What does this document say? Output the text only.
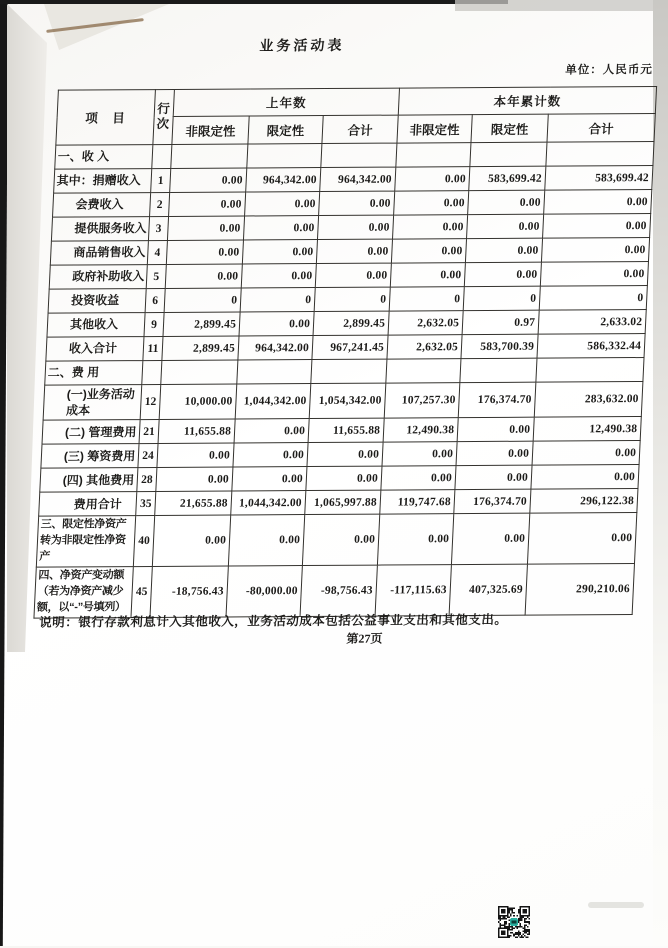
业务活动表
单位：人民币元
项　目	行次	上年数			本年累计数		
		非限定性	限定性	合计	非限定性	限定性	合计
一、收 入							
其中：捐赠收入	1	0.00	964,342.00	964,342.00	0.00	583,699.42	583,699.42
会费收入	2	0.00	0.00	0.00	0.00	0.00	0.00
提供服务收入	3	0.00	0.00	0.00	0.00	0.00	0.00
商品销售收入	4	0.00	0.00	0.00	0.00	0.00	0.00
政府补助收入	5	0.00	0.00	0.00	0.00	0.00	0.00
投资收益	6	0	0	0	0	0	0
其他收入	9	2,899.45	0.00	2,899.45	2,632.05	0.97	2,633.02
收入合计	11	2,899.45	964,342.00	967,241.45	2,632.05	583,700.39	586,332.44
二、费 用							
(一)业务活动成本	12	10,000.00	1,044,342.00	1,054,342.00	107,257.30	176,374.70	283,632.00
(二) 管理费用	21	11,655.88	0.00	11,655.88	12,490.38	0.00	12,490.38
(三) 筹资费用	24	0.00	0.00	0.00	0.00	0.00	0.00
(四) 其他费用	28	0.00	0.00	0.00	0.00	0.00	0.00
费用合计	35	21,655.88	1,044,342.00	1,065,997.88	119,747.68	176,374.70	296,122.38
三、限定性净资产转为非限定性净资产	40	0.00	0.00	0.00	0.00	0.00	0.00
四、净资产变动额（若为净资产减少额，以“-”号填列）	45	-18,756.43	-80,000.00	-98,756.43	-117,115.63	407,325.69	290,210.06
说明：银行存款利息计入其他收入，业务活动成本包括公益事业支出和其他支出。
第27页
